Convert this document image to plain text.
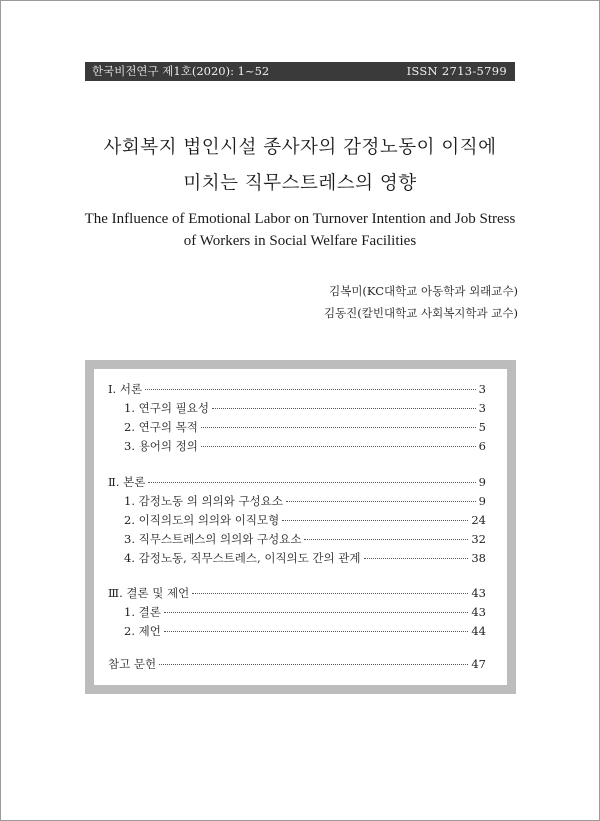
한국비전연구 제1호(2020): 1~52	ISSN 2713-5799
사회복지 법인시설 종사자의 감정노동이 이직에
미치는 직무스트레스의 영향
The Influence of Emotional Labor on Turnover Intention and Job Stress
of Workers in Social Welfare Facilities
김복미(KC대학교 아동학과 외래교수)
김동진(칼빈대학교 사회복지학과 교수)
Ⅰ. 서론	3
1. 연구의 필요성	3
2. 연구의 목적	5
3. 용어의 정의	6
Ⅱ. 본론	9
1. 감정노동 의 의의와 구성요소	9
2. 이직의도의 의의와 이직모형	24
3. 직무스트레스의 의의와 구성요소	32
4. 감정노동, 직무스트레스, 이직의도 간의 관계	38
Ⅲ. 결론 및 제언	43
1. 결론	43
2. 제언	44
참고 문헌	47
